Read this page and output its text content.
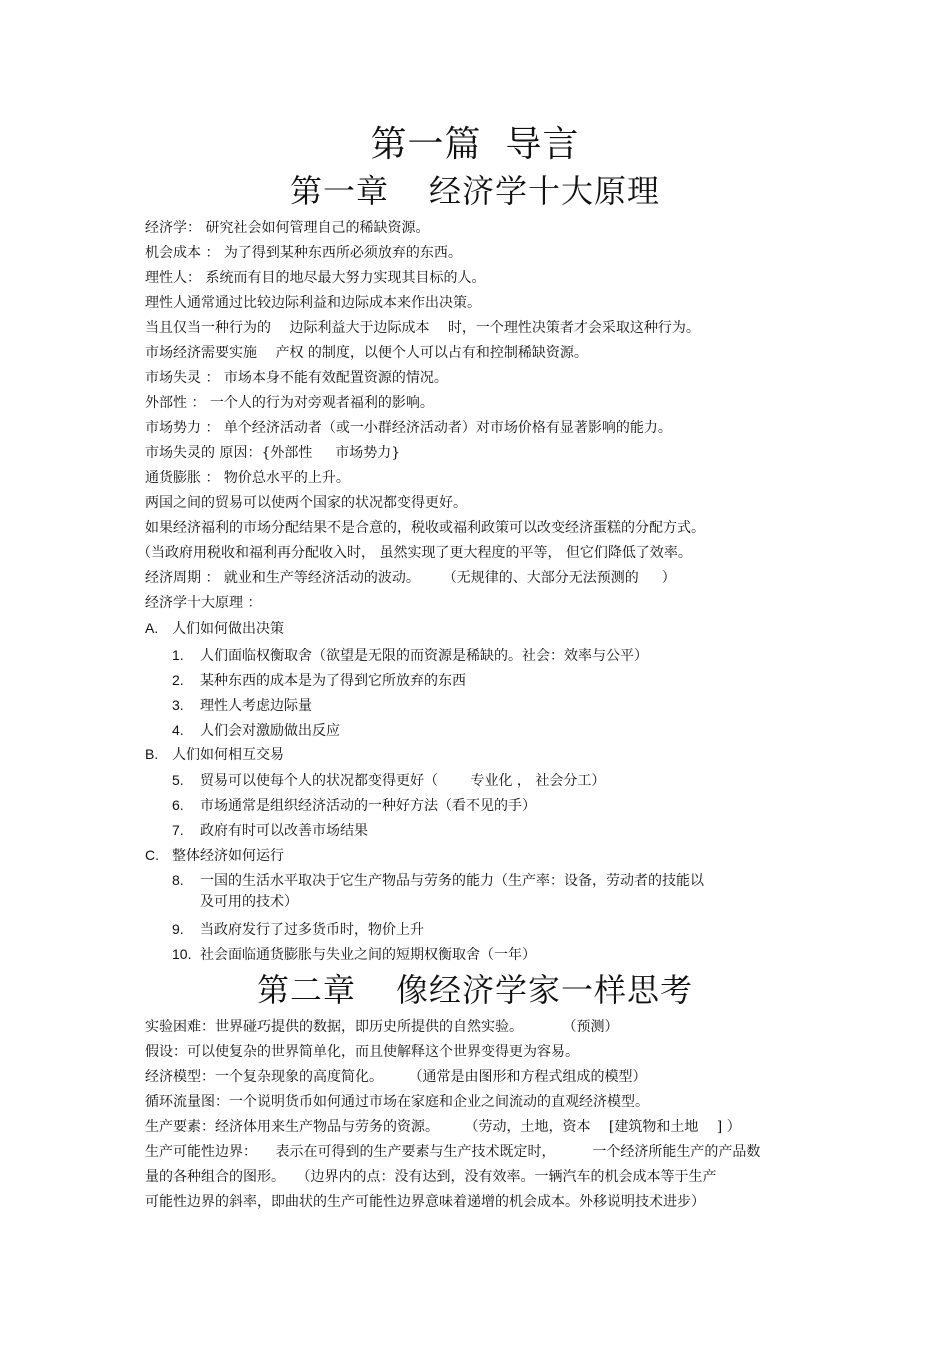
第一篇 导言
第一章 经济学十大原理
经济学： 研究社会如何管理自己的稀缺资源。
机会成本 ： 为了得到某种东西所必须放弃的东西。
理性人： 系统而有目的地尽最大努力实现其目标的人。
理性人通常通过比较边际利益和边际成本来作出决策。
当且仅当一种行为的 　边际利益大于边际成本 　时，一个理性决策者才会采取这种行为。
市场经济需要实施 　产权 的制度，以便个人可以占有和控制稀缺资源。
市场失灵 ： 市场本身不能有效配置资源的情况。
外部性 ： 一个人的行为对旁观者福利的影响。
市场势力 ： 单个经济活动者（或一小群经济活动者）对市场价格有显著影响的能力。
市场失灵的 原因：{外部性 　 市场势力}
通货膨胀 ： 物价总水平的上升。
两国之间的贸易可以使两个国家的状况都变得更好。
如果经济福利的市场分配结果不是合意的，税收或福利政策可以改变经济蛋糕的分配方式。
（当政府用税收和福利再分配收入时， 虽然实现了更大程度的平等， 但它们降低了效率。
经济周期 ： 就业和生产等经济活动的波动。 　 （无规律的、大部分无法预测的 　 ）
经济学十大原理 ：
A. 人们如何做出决策
1. 人们面临权衡取舍（欲望是无限的而资源是稀缺的。社会：效率与公平）
2. 某种东西的成本是为了得到它所放弃的东西
3. 理性人考虑边际量
4. 人们会对激励做出反应
B. 人们如何相互交易
5. 贸易可以使每个人的状况都变得更好（ 　　专业化 ， 社会分工）
6. 市场通常是组织经济活动的一种好方法（看不见的手）
7. 政府有时可以改善市场结果
C. 整体经济如何运行
8. 一国的生活水平取决于它生产物品与劳务的能力（生产率：设备，劳动者的技能以
及可用的技术）
9. 当政府发行了过多货币时，物价上升
10. 社会面临通货膨胀与失业之间的短期权衡取舍（一年）
第二章 像经济学家一样思考
实验困难：世界碰巧提供的数据，即历史所提供的自然实验。 　　　（预测）
假设：可以使复杂的世界简单化，而且使解释这个世界变得更为容易。
经济模型：一个复杂现象的高度简化。 　　（通常是由图形和方程式组成的模型）
循环流量图：一个说明货币如何通过市场在家庭和企业之间流动的直观经济模型。
生产要素：经济体用来生产物品与劳务的资源。 　　（劳动，土地，资本 　[建筑物和土地 　] ）
生产可能性边界： 　表示在可得到的生产要素与生产技术既定时， 　　 一个经济所能生产的产品数
量的各种组合的图形。 　（边界内的点：没有达到，没有效率。一辆汽车的机会成本等于生产
可能性边界的斜率，即曲状的生产可能性边界意味着递增的机会成本。外移说明技术进步）
